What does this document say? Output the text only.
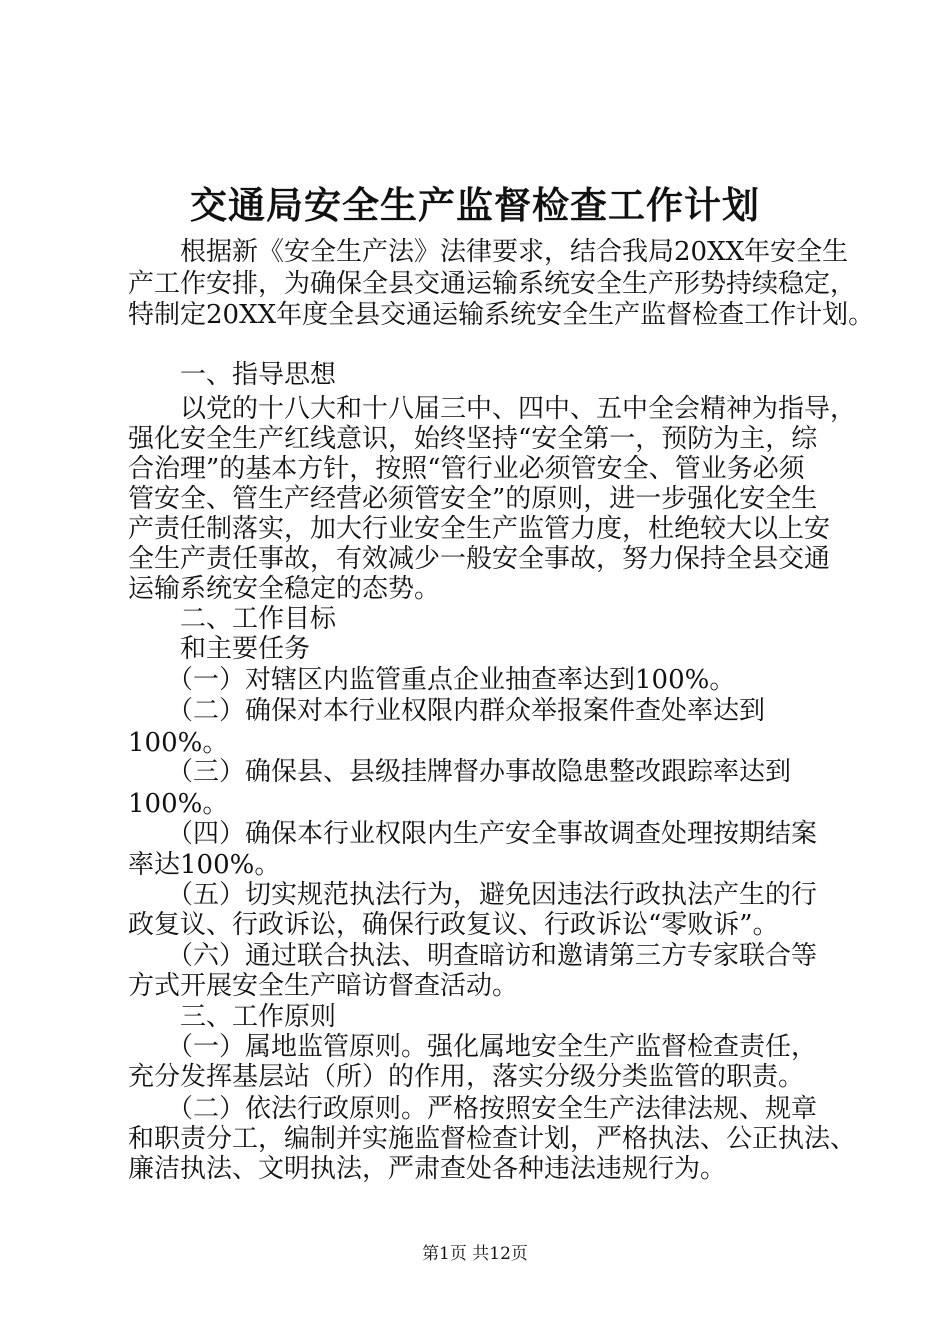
交通局安全生产监督检查工作计划

　　根据新《安全生产法》法律要求，结合我局20XX年安全生

产工作安排，为确保全县交通运输系统安全生产形势持续稳定，

特制定20XX年度全县交通运输系统安全生产监督检查工作计划。

　　一、指导思想

　　以党的十八大和十八届三中、四中、五中全会精神为指导，

强化安全生产红线意识，始终坚持“安全第一，预防为主，综

合治理”的基本方针，按照“管行业必须管安全、管业务必须

管安全、管生产经营必须管安全”的原则，进一步强化安全生

产责任制落实，加大行业安全生产监管力度，杜绝较大以上安

全生产责任事故，有效减少一般安全事故，努力保持全县交通

运输系统安全稳定的态势。

　　二、工作目标

　　和主要任务

　　（一）对辖区内监管重点企业抽查率达到100%。

　　（二）确保对本行业权限内群众举报案件查处率达到

100%。

　　（三）确保县、县级挂牌督办事故隐患整改跟踪率达到

100%。

　　（四）确保本行业权限内生产安全事故调查处理按期结案

率达100%。

　　（五）切实规范执法行为，避免因违法行政执法产生的行

政复议、行政诉讼，确保行政复议、行政诉讼“零败诉”。

　　（六）通过联合执法、明查暗访和邀请第三方专家联合等

方式开展安全生产暗访督查活动。

　　三、工作原则

　　（一）属地监管原则。强化属地安全生产监督检查责任，

充分发挥基层站（所）的作用，落实分级分类监管的职责。

　　（二）依法行政原则。严格按照安全生产法律法规、规章

和职责分工，编制并实施监督检查计划，严格执法、公正执法、

廉洁执法、文明执法，严肃查处各种违法违规行为。

第1页 共12页
